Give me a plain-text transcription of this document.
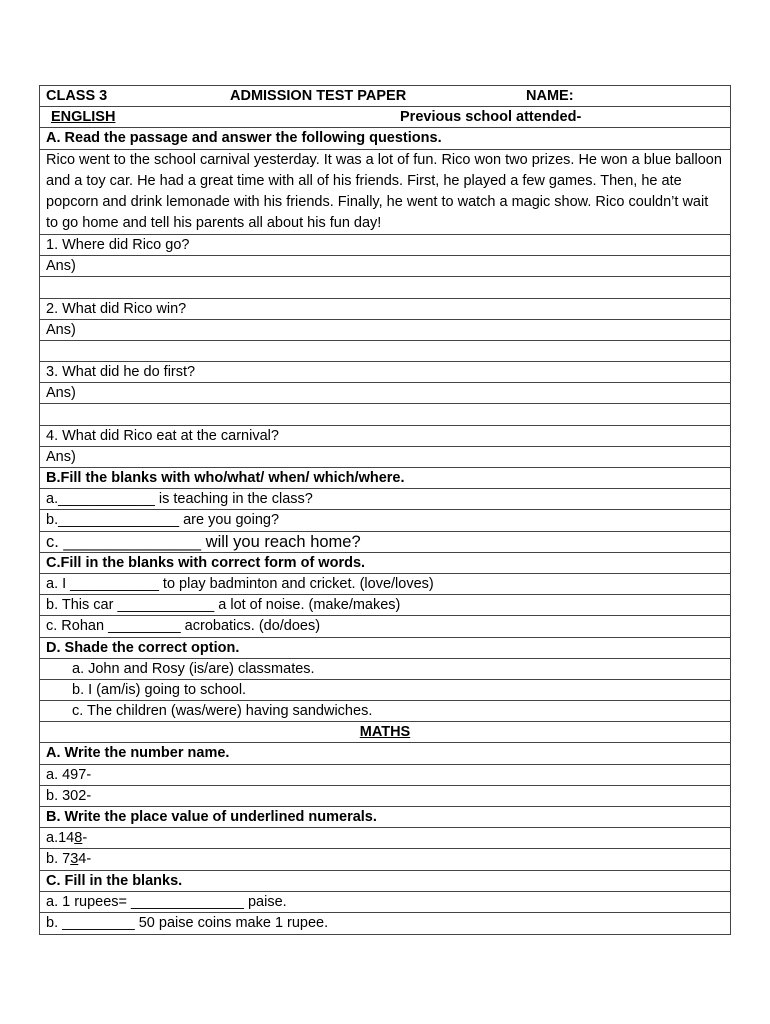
CLASS 3	ADMISSION TEST PAPER	NAME:
ENGLISH	Previous school attended-
A. Read the passage and answer the following questions.
Rico went to the school carnival yesterday. It was a lot of fun. Rico won two prizes. He won a blue balloon and a toy car. He had a great time with all of his friends. First, he played a few games. Then, he ate popcorn and drink lemonade with his friends. Finally, he went to watch a magic show. Rico couldn’t wait to go home and tell his parents all about his fun day!
1. Where did Rico go?
Ans)
2. What did Rico win?
Ans)
3. What did he do first?
Ans)
4. What did Rico eat at the carnival?
Ans)
B.Fill the blanks with who/what/ when/ which/where.
a.____________ is teaching in the class?
b._______________ are you going?
c. _______________ will you reach home?
C.Fill in the blanks with correct form of words.
a. I ___________ to play badminton and cricket. (love/loves)
b. This car ____________ a lot of noise. (make/makes)
c. Rohan _________ acrobatics. (do/does)
D. Shade the correct option.
a. John and Rosy (is/are) classmates.
b. I (am/is) going to school.
c. The children (was/were) having sandwiches.
MATHS
A. Write the number name.
a. 497-
b. 302-
B. Write the place value of underlined numerals.
a.148-
b. 734-
C. Fill in the blanks.
a. 1 rupees= ______________ paise.
b. _________ 50 paise coins make 1 rupee.
